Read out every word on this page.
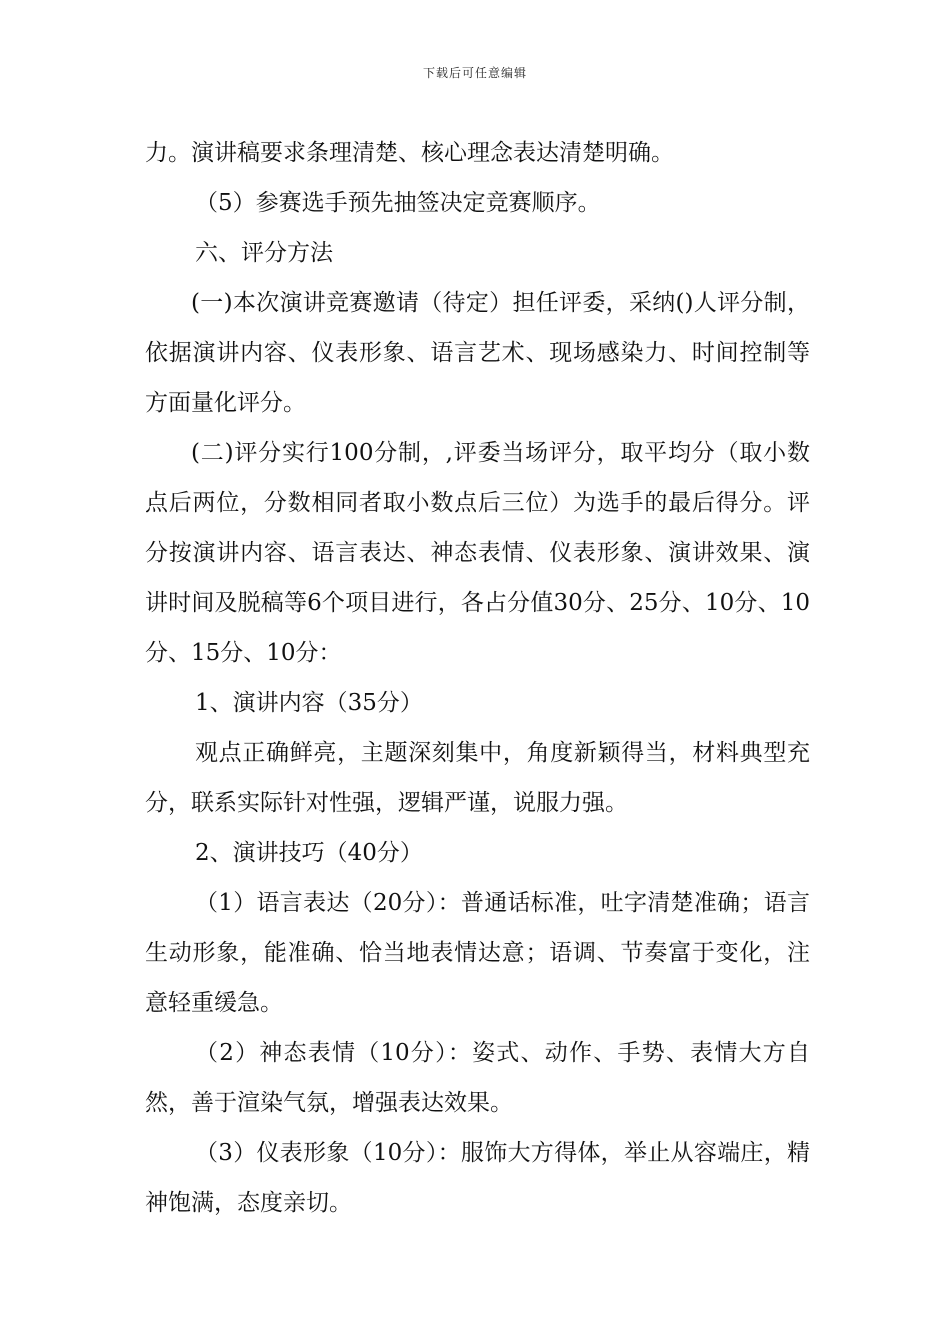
下载后可任意编辑

力。演讲稿要求条理清楚、核心理念表达清楚明确。

（5）参赛选手预先抽签决定竞赛顺序。

六、评分方法

(一)本次演讲竞赛邀请（待定）担任评委，采纳()人评分制，依据演讲内容、仪表形象、语言艺术、现场感染力、时间控制等方面量化评分。

(二)评分实行100分制，,评委当场评分，取平均分（取小数点后两位，分数相同者取小数点后三位）为选手的最后得分。评分按演讲内容、语言表达、神态表情、仪表形象、演讲效果、演讲时间及脱稿等6个项目进行，各占分值30分、25分、10分、10分、15分、10分：

1、演讲内容（35分）

观点正确鲜亮，主题深刻集中，角度新颖得当，材料典型充分，联系实际针对性强，逻辑严谨，说服力强。

2、演讲技巧（40分）

（1）语言表达（20分）：普通话标准，吐字清楚准确；语言生动形象，能准确、恰当地表情达意；语调、节奏富于变化，注意轻重缓急。

（2）神态表情（10分）：姿式、动作、手势、表情大方自然，善于渲染气氛，增强表达效果。

（3）仪表形象（10分）：服饰大方得体，举止从容端庄，精神饱满，态度亲切。
